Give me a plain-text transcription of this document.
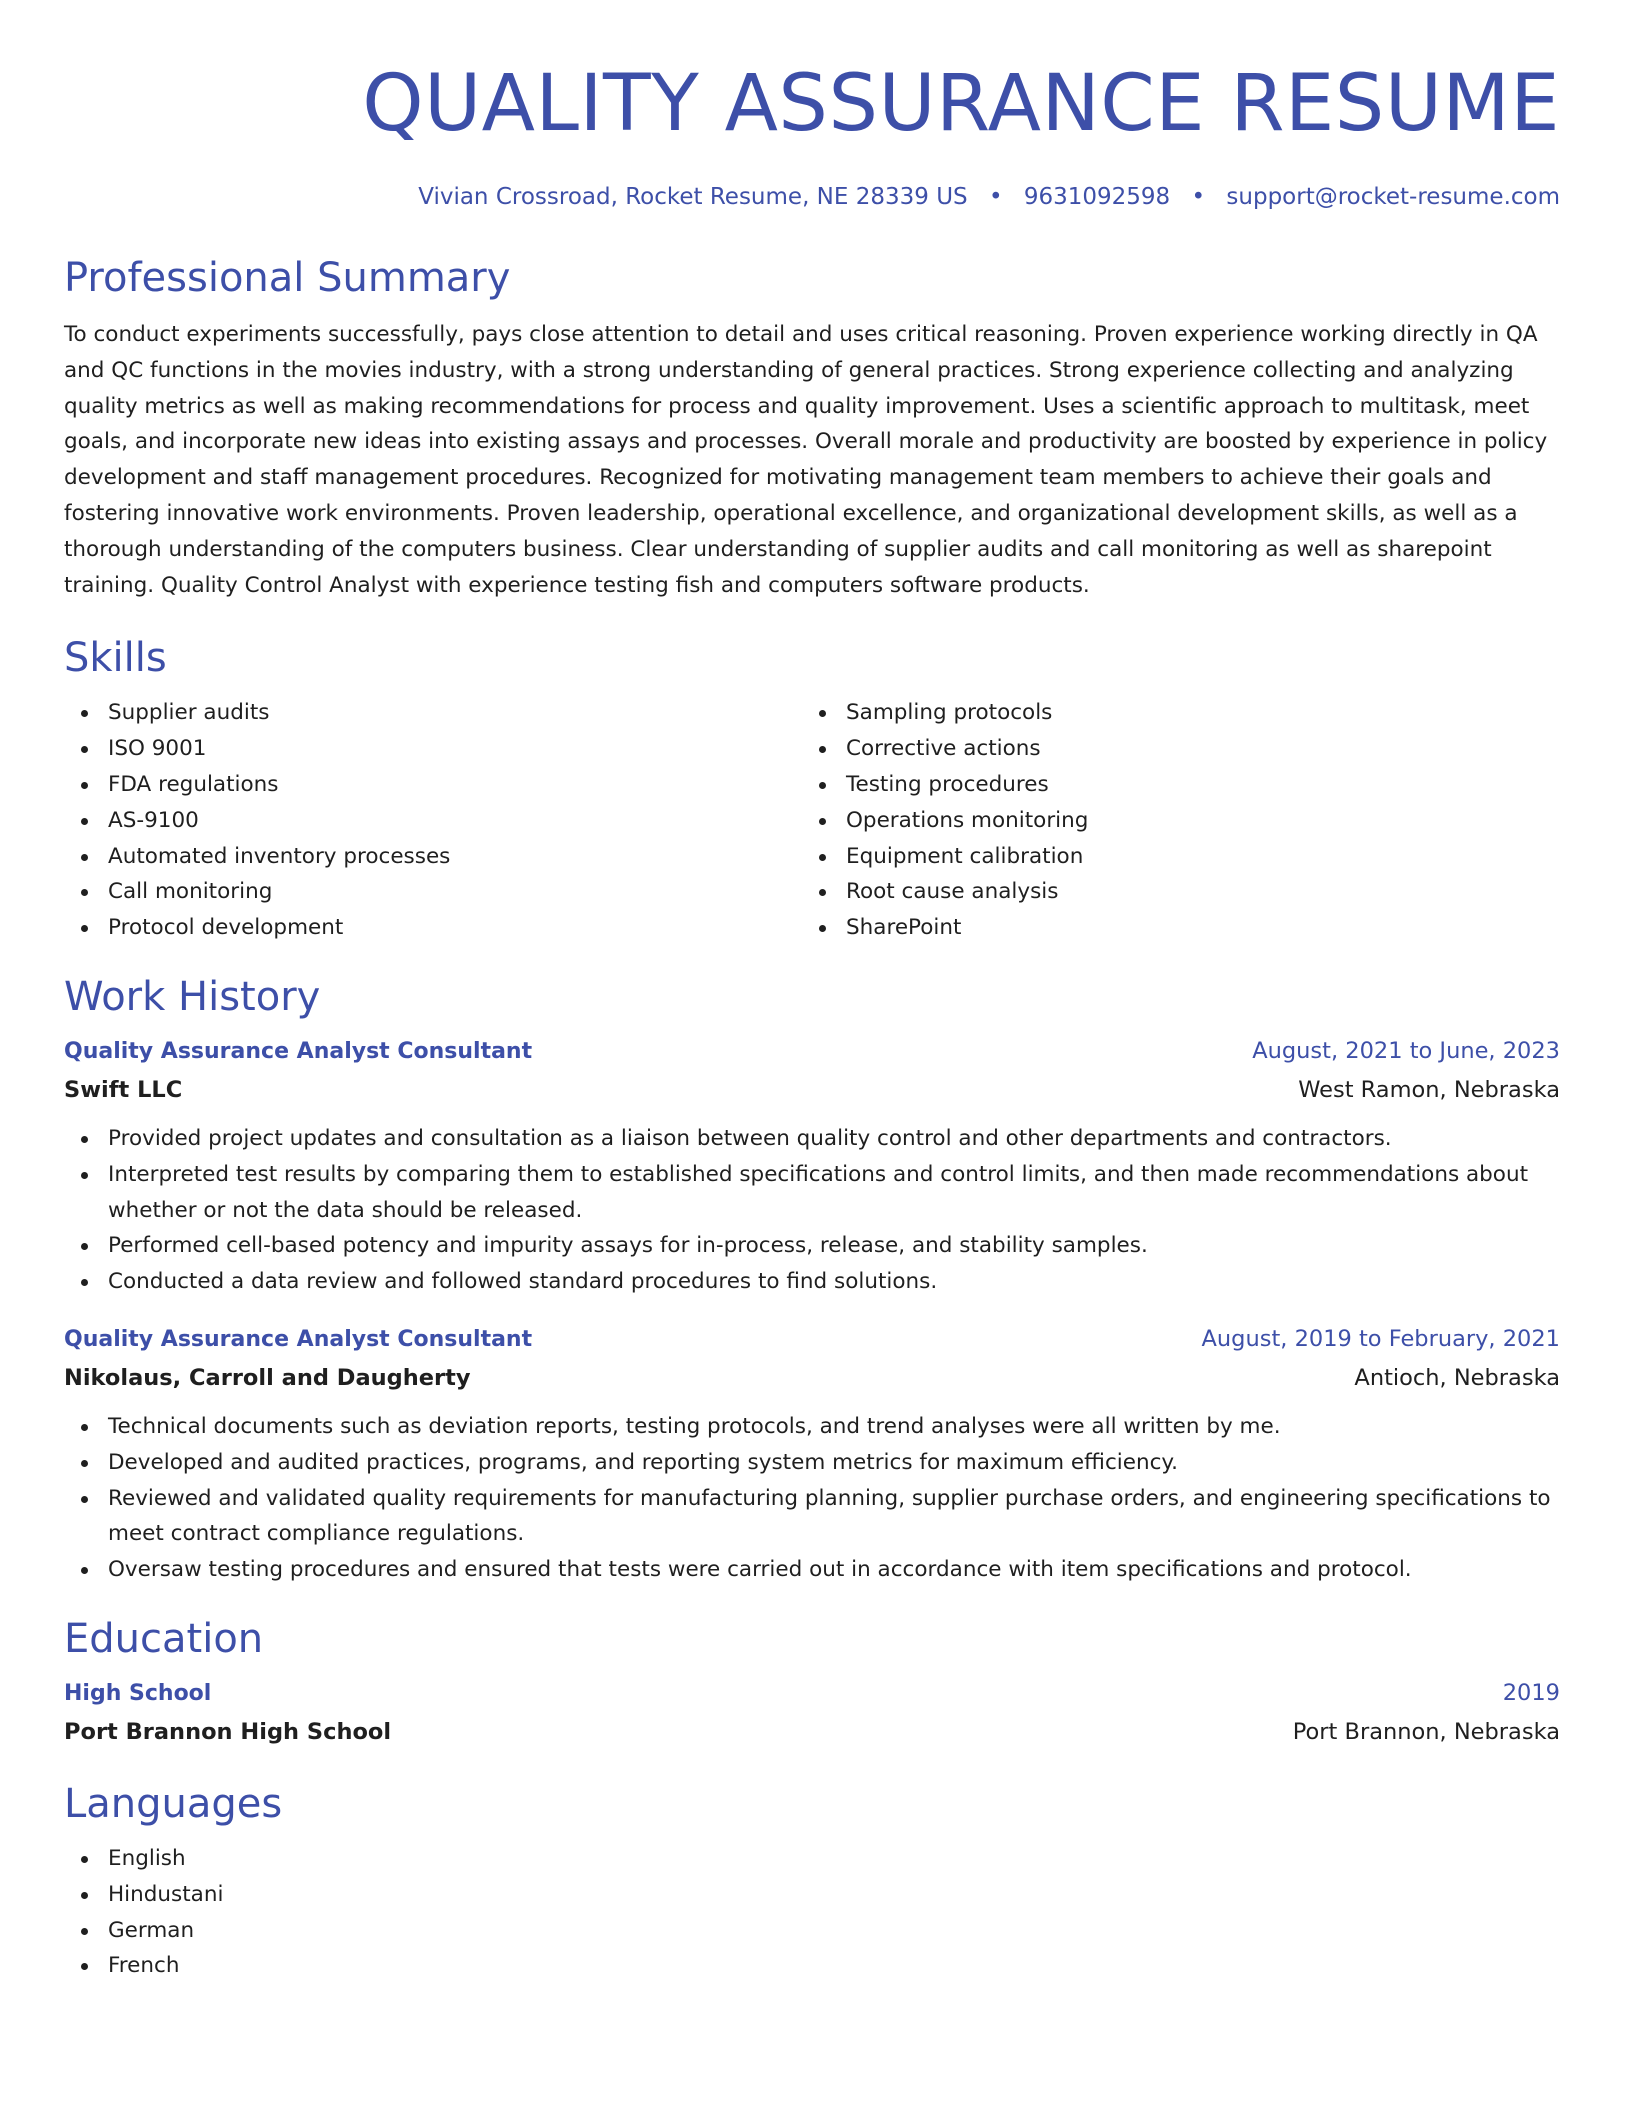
QUALITY ASSURANCE RESUME
Vivian Crossroad, Rocket Resume, NE 28339 US • 9631092598 • support@rocket-resume.com
Professional Summary

To conduct experiments successfully, pays close attention to detail and uses critical reasoning. Proven experience working directly in QA and QC functions in the movies industry, with a strong understanding of general practices. Strong experience collecting and analyzing quality metrics as well as making recommendations for process and quality improvement. Uses a scientific approach to multitask, meet goals, and incorporate new ideas into existing assays and processes. Overall morale and productivity are boosted by experience in policy development and staff management procedures. Recognized for motivating management team members to achieve their goals and fostering innovative work environments. Proven leadership, operational excellence, and organizational development skills, as well as a thorough understanding of the computers business. Clear understanding of supplier audits and call monitoring as well as sharepoint training. Quality Control Analyst with experience testing fish and computers software products.

Skills
Supplier audits
ISO 9001
FDA regulations
AS-9100
Automated inventory processes
Call monitoring
Protocol development
Sampling protocols
Corrective actions
Testing procedures
Operations monitoring
Equipment calibration
Root cause analysis
SharePoint
Work History
Quality Assurance Analyst Consultant	August, 2021 to June, 2023
Swift LLC	West Ramon, Nebraska
Provided project updates and consultation as a liaison between quality control and other departments and contractors.
Interpreted test results by comparing them to established specifications and control limits, and then made recommendations about whether or not the data should be released.
Performed cell-based potency and impurity assays for in-process, release, and stability samples.
Conducted a data review and followed standard procedures to find solutions.
Quality Assurance Analyst Consultant	August, 2019 to February, 2021
Nikolaus, Carroll and Daugherty	Antioch, Nebraska
Technical documents such as deviation reports, testing protocols, and trend analyses were all written by me.
Developed and audited practices, programs, and reporting system metrics for maximum efficiency.
Reviewed and validated quality requirements for manufacturing planning, supplier purchase orders, and engineering specifications to meet contract compliance regulations.
Oversaw testing procedures and ensured that tests were carried out in accordance with item specifications and protocol.
Education
High School	2019
Port Brannon High School	Port Brannon, Nebraska
Languages
English
Hindustani
German
French
